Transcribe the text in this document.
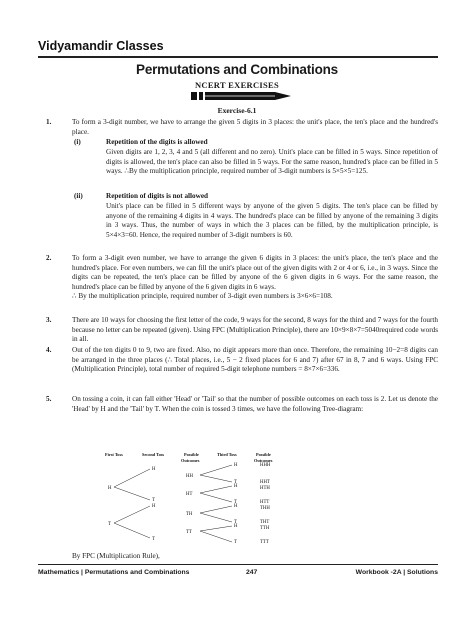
Vidyamandir Classes
Permutations and Combinations
NCERT EXERCISES
Exercise-6.1
1.	To form a 3-digit number, we have to arrange the given 5 digits in 3 places: the unit's place, the ten's place and the hundred's place.
(i)	Repetition of the digits is allowed
Given digits are 1, 2, 3, 4 and 5 (all different and no zero). Unit's place can be filled in 5 ways. Since repetition of digits is allowed, the ten's place can also be filled in 5 ways. For the same reason, hundred's place can be filled in 5 ways. ∴By the multiplication principle, required number of 3-digit numbers is 5×5×5=125.
(ii)	Repetition of digits is not allowed
Unit's place can be filled in 5 different ways by anyone of the given 5 digits. The ten's place can be filled by anyone of the remaining 4 digits in 4 ways. The hundred's place can be filled by anyone of the remaining 3 digits in 3 ways. Thus, the number of ways in which the 3 places can be filled, by the multiplication principle, is 5×4×3=60. Hence, the required number of 3-digit numbers is 60.
2.	To form a 3-digit even number, we have to arrange the given 6 digits in 3 places: the unit's place, the ten's place and the hundred's place. For even numbers, we can fill the unit's place out of the given digits with 2 or 4 or 6, i.e., in 3 ways. Since the digits can be repeated, the ten's place can be filled by anyone of the 6 given digits in 6 ways. For the same reason, the hundred's place can be filled by anyone of the 6 given digits in 6 ways.
∴ By the multiplication principle, required number of 3-digit even numbers is 3×6×6=108.
3.	There are 10 ways for choosing the first letter of the code, 9 ways for the second, 8 ways for the third and 7 ways for the fourth because no letter can be repeated (given). Using FPC (Multiplication Principle), there are 10×9×8×7=5040required code words in all.
4.	Out of the ten digits 0 to 9, two are fixed. Also, no digit appears more than once. Therefore, the remaining 10−2=8 digits can be arranged in the three places (∴ Total places, i.e., 5 − 2 fixed places for 6 and 7) after 67 in 8, 7 and 6 ways. Using FPC (Multiplication Principle), total number of required 5-digit telephone numbers = 8×7×6=336.
5.	On tossing a coin, it can fall either 'Head' or 'Tail' so that the number of possible outcomes on each toss is 2. Let us denote the 'Head' by H and the 'Tail' by T. When the coin is tossed 3 times, we have the following Tree-diagram:
First Toss	Second Toss	Possible
Outcomes
Third Toss	Possible
Outcomes
H
T
H
T
H
T
HH
HT
TH
TT
H
T
H
T
H
T
H
T
HHH
HHT
HTH
HTT
THH
THT
TTH
TTT
By FPC (Multiplication Rule),
Mathematics | Permutations and Combinations	247	Workbook -2A | Solutions
